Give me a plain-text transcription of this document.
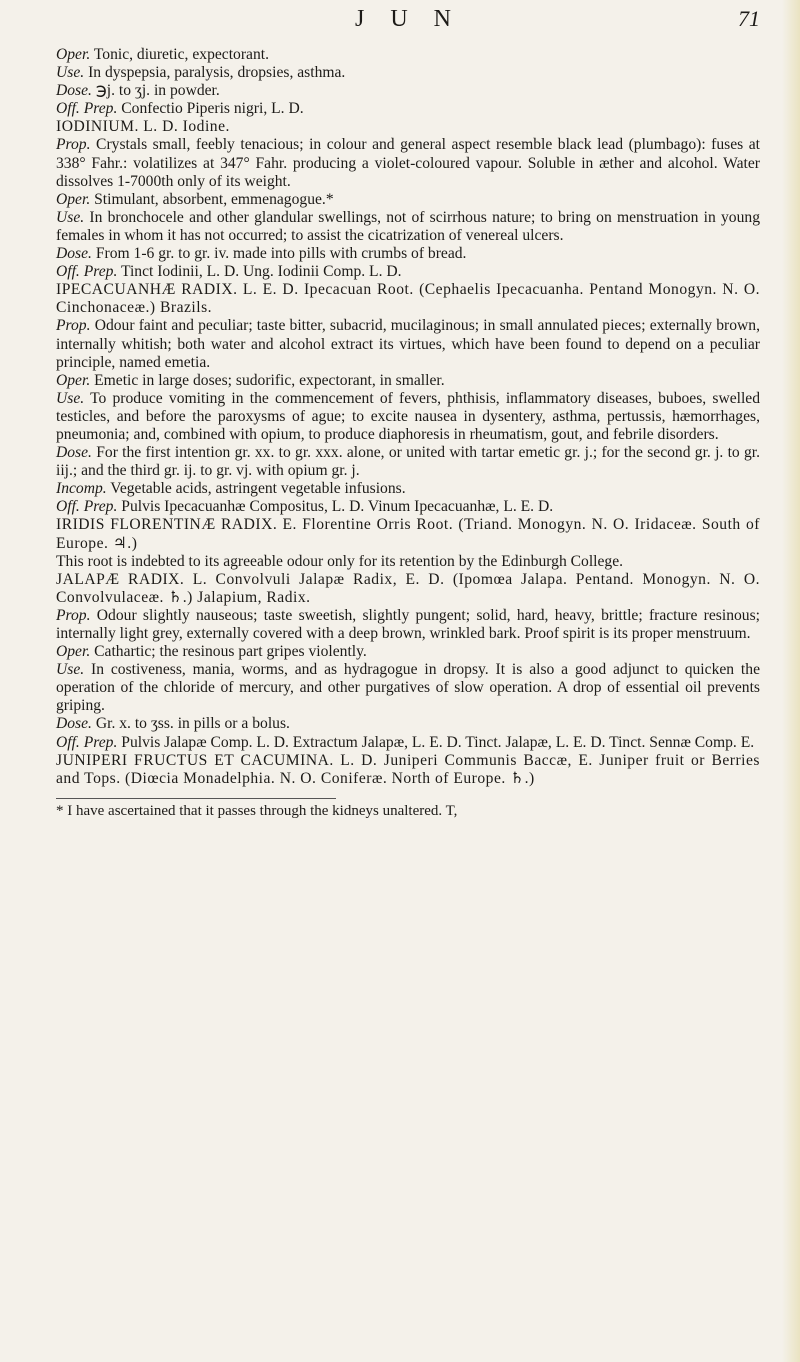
J U N	71

Oper. Tonic, diuretic, expectorant.

Use. In dyspepsia, paralysis, dropsies, asthma.

Dose. ℈j. to ʒj. in powder.

Off. Prep. Confectio Piperis nigri, L. D.

IODINIUM. L. D. Iodine.

Prop. Crystals small, feebly tenacious; in colour and general aspect resemble black lead (plumbago): fuses at 338° Fahr.: volatilizes at 347° Fahr. producing a violet-coloured vapour. Soluble in æther and alcohol. Water dissolves 1-7000th only of its weight.

Oper. Stimulant, absorbent, emmenagogue.*

Use. In bronchocele and other glandular swellings, not of scirrhous nature; to bring on menstruation in young females in whom it has not occurred; to assist the cicatrization of venereal ulcers.

Dose. From 1-6 gr. to gr. iv. made into pills with crumbs of bread.

Off. Prep. Tinct Iodinii, L. D. Ung. Iodinii Comp. L. D.

IPECACUANHÆ RADIX. L. E. D. Ipecacuan Root. (Cephaelis Ipecacuanha. Pentand Monogyn. N. O. Cinchonaceæ.) Brazils.

Prop. Odour faint and peculiar; taste bitter, subacrid, mucilaginous; in small annulated pieces; externally brown, internally whitish; both water and alcohol extract its virtues, which have been found to depend on a peculiar principle, named emetia.

Oper. Emetic in large doses; sudorific, expectorant, in smaller.

Use. To produce vomiting in the commencement of fevers, phthisis, inflammatory diseases, buboes, swelled testicles, and before the paroxysms of ague; to excite nausea in dysentery, asthma, pertussis, hæmorrhages, pneumonia; and, combined with opium, to produce diaphoresis in rheumatism, gout, and febrile disorders.

Dose. For the first intention gr. xx. to gr. xxx. alone, or united with tartar emetic gr. j.; for the second gr. j. to gr. iij.; and the third gr. ij. to gr. vj. with opium gr. j.

Incomp. Vegetable acids, astringent vegetable infusions.

Off. Prep. Pulvis Ipecacuanhæ Compositus, L. D. Vinum Ipecacuanhæ, L. E. D.

IRIDIS FLORENTINÆ RADIX. E. Florentine Orris Root. (Triand. Monogyn. N. O. Iridaceæ. South of Europe. ♃.)

This root is indebted to its agreeable odour only for its retention by the Edinburgh College.

JALAPÆ RADIX. L. Convolvuli Jalapæ Radix, E. D. (Ipomœa Jalapa. Pentand. Monogyn. N. O. Convolvulaceæ. ♄.) Jalapium, Radix.

Prop. Odour slightly nauseous; taste sweetish, slightly pungent; solid, hard, heavy, brittle; fracture resinous; internally light grey, externally covered with a deep brown, wrinkled bark. Proof spirit is its proper menstruum.

Oper. Cathartic; the resinous part gripes violently.

Use. In costiveness, mania, worms, and as hydragogue in dropsy. It is also a good adjunct to quicken the operation of the chloride of mercury, and other purgatives of slow operation. A drop of essential oil prevents griping.

Dose. Gr. x. to ʒss. in pills or a bolus.

Off. Prep. Pulvis Jalapæ Comp. L. D. Extractum Jalapæ, L. E. D. Tinct. Jalapæ, L. E. D. Tinct. Sennæ Comp. E.

JUNIPERI FRUCTUS ET CACUMINA. L. D. Juniperi Communis Baccæ, E. Juniper fruit or Berries and Tops. (Diœcia Monadelphia. N. O. Coniferæ. North of Europe. ♄.)

* I have ascertained that it passes through the kidneys unaltered. T,
